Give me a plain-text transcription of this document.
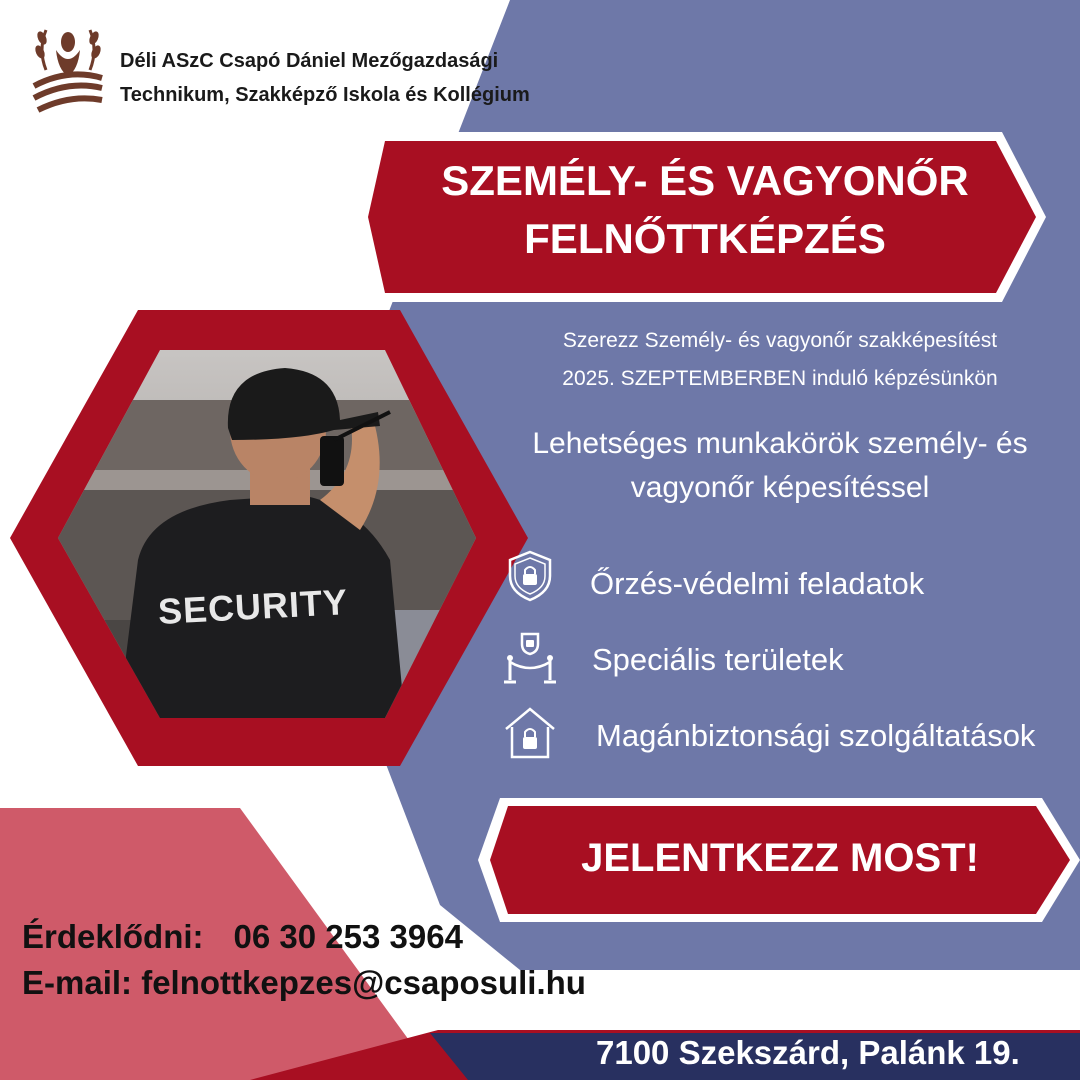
Déli ASzC Csapó Dániel Mezőgazdasági
Technikum, Szakképző Iskola és Kollégium
SZEMÉLY- ÉS VAGYONŐR
FELNŐTTKÉPZÉS
SECURITY
Szerezz Személy- és vagyonőr szakképesítést
2025. SZEPTEMBERBEN induló képzésünkön
Lehetséges munkakörök személy- és
vagyonőr képesítéssel
Őrzés-védelmi feladatok
Speciális területek
Magánbiztonsági szolgáltatások
JELENTKEZZ MOST!
Érdeklődni: 06 30 253 3964
E-mail: felnottkepzes@csaposuli.hu
7100 Szekszárd, Palánk 19.
